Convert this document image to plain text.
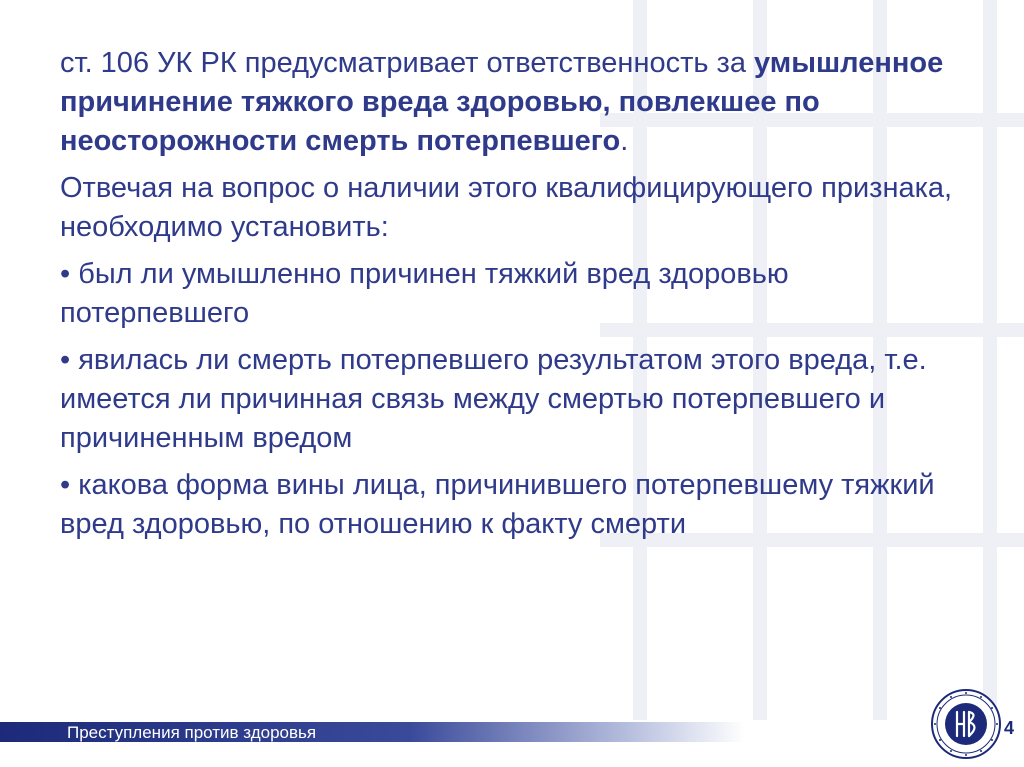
ст. 106 УК РК предусматривает ответственность за умышленное причинение тяжкого вреда здоровью, повлекшее по неосторожности смерть потерпевшего.

Отвечая на вопрос о наличии этого квалифицирующего признака, необходимо установить:

• был ли умышленно причинен тяжкий вред здоровью потерпевшего

• явилась ли смерть потерпевшего результатом этого вреда, т.е. имеется ли причинная связь между смертью потерпевшего и причиненным вредом

• какова форма вины лица, причинившего потерпевшему тяжкий вред здоровью, по отношению к факту смерти

Преступления против здоровья	4
